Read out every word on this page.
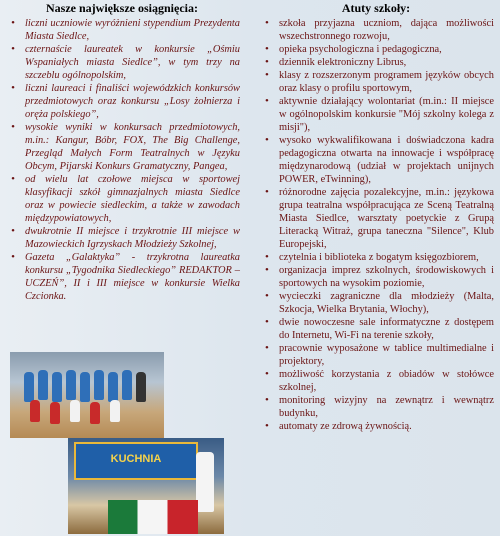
Nasze największe osiągnięcia:
• liczni uczniowie wyróżnieni stypendium Prezydenta Miasta Siedlce,
• czternaście laureatek w konkursie „Ośmiu Wspaniałych miasta Siedlce”, w tym trzy na szczeblu ogólnopolskim,
• liczni laureaci i finaliści wojewódzkich konkursów przedmiotowych oraz konkursu „Losy żołnierza i oręża polskiego”,
• wysokie wyniki w konkursach przedmiotowych, m.in.: Kangur, Bóbr, FOX, The Big Challenge, Przegląd Małych Form Teatralnych w Języku Obcym, Pijarski Konkurs Gramatyczny, Pangea,
• od wielu lat czołowe miejsca w sportowej klasyfikacji szkół gimnazjalnych miasta Siedlce oraz w powiecie siedleckim, a także w zawodach międzypowiatowych,
• dwukrotnie II miejsce i trzykrotnie III miejsce w Mazowieckich Igrzyskach Młodzieży Szkolnej,
• Gazeta „Galaktyka” - trzykrotna laureatka konkursu „Tygodnika Siedleckiego” REDAKTOR –UCZEŃ”, II i III miejsce w konkursie Wielka Czcionka.
KUCHNIA
Atuty szkoły:
• szkoła przyjazna uczniom, dająca możliwości wszechstronnego rozwoju,
• opieka psychologiczna i pedagogiczna,
• dziennik elektroniczny Librus,
• klasy z rozszerzonym programem języków obcych oraz klasy o profilu sportowym,
• aktywnie działający wolontariat (m.in.: II miejsce w ogólnopolskim konkursie "Mój szkolny kolega z misji"),
• wysoko wykwalifikowana i doświadczona kadra pedagogiczna otwarta na innowacje i współpracę międzynarodową (udział w projektach unijnych POWER, eTwinning),
• różnorodne zajęcia pozalekcyjne, m.in.: językowa grupa teatralna współpracująca ze Sceną Teatralną Miasta Siedlce, warsztaty poetyckie z Grupą Literacką Witraż, grupa taneczna "Silence", Klub Europejski,
• czytelnia i biblioteka z bogatym księgozbiorem,
• organizacja imprez szkolnych, środowiskowych i sportowych na wysokim poziomie,
• wycieczki zagraniczne dla młodzieży (Malta, Szkocja, Wielka Brytania, Włochy),
• dwie nowoczesne sale informatyczne z dostępem do Internetu, Wi-Fi na terenie szkoły,
• pracownie wyposażone w tablice multimedialne i projektory,
• możliwość korzystania z obiadów w stołówce szkolnej,
• monitoring wizyjny na zewnątrz i wewnątrz budynku,
• automaty ze zdrową żywnością.
